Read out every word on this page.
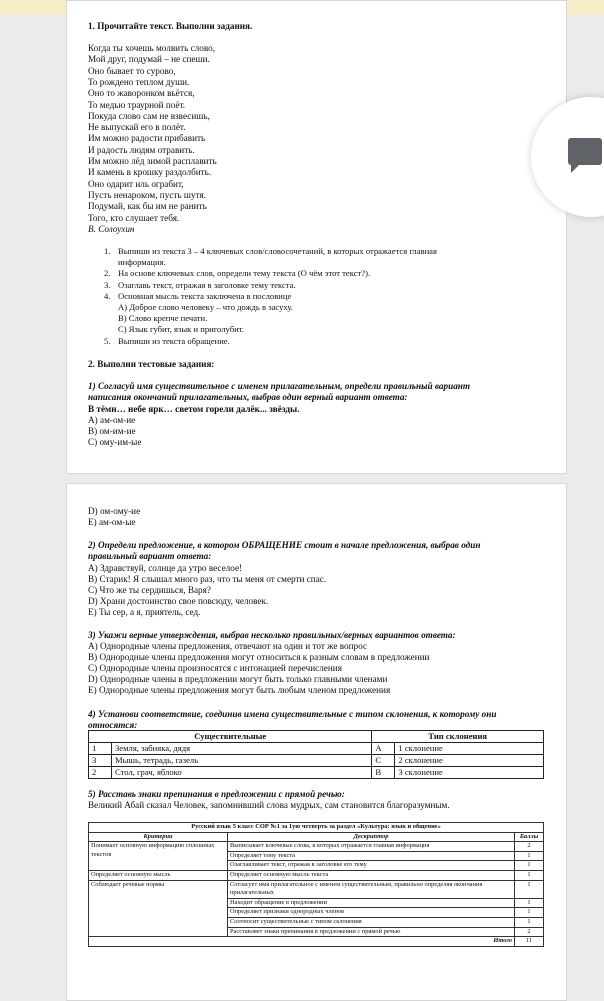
1. Прочитайте текст. Выполни задания.
Когда ты хочешь молвить слово,
Мой друг, подумай – не спеши.
Оно бывает то сурово,
То рождено теплом души.
Оно то жаворонком вьётся,
То медью траурной поёт.
Покуда слово сам не взвесишь,
Не выпускай его в полёт.
Им можно радости прибавить
И радость людям отравить.
Им можно лёд зимой расплавить
И камень в крошку раздолбить.
Оно одарит иль ограбит,
Пусть ненароком, пусть шутя.
Подумай, как бы им не ранить
Того, кто слушает тебя.
В. Солоухин
1. Выпиши из текста 3 – 4 ключевых слов/словосочетаний, в которых отражается главная
информация.
2. На основе ключевых слов, определи тему текста (О чём этот текст?).
3. Озаглавь текст, отражая в заголовке тему текста.
4. Основная мысль текста заключена в пословице
А) Доброе слово человеку – что дождь в засуху.
В) Слово крепче печати.
С) Язык губит, язык и приголубит.
5. Выпиши из текста обращение.
2. Выполни тестовые задания:
1) Согласуй имя существительное с именем прилагательным, определи правильный вариант
написания окончаний прилагательных, выбрав один верный вариант ответа:
В тёмн… небе ярк… светом горели далёк... звёзды.
А) ам-ом-ие
В) ом-им-ие
С) ому-им-ые
D) ом-ому-ие
E) ам-ом-ые
2) Определи предложение, в котором ОБРАЩЕНИЕ стоит в начале предложения, выбрав один
правильный вариант ответа:
А) Здравствуй, солнце да утро веселое!
В) Старик! Я слышал много раз, что ты меня от смерти спас.
С) Что же ты сердишься, Варя?
D) Храни достоинство свое повсюду, человек.
E) Ты сер, а я, приятель, сед.
3) Укажи верные утверждения, выбрав несколько правильных/верных вариантов ответа:
А) Однородные члены предложения, отвечают на один и тот же вопрос
В) Однородные члены предложения могут относиться к разным словам в предложении
С) Однородные члены произносятся с интонацией перечисления
D) Однородные члены в предложении могут быть только главными членами
E) Однородные члены предложения могут быть любым членом предложения
4) Установи соответствие, соединив имена существительные с типом склонения, к которому они
относятся:
Существительные		Тип склонения	
1	Земля, забияка, дядя	А	1 склонение
3	Мышь, тетрадь, газель	С	2 склонение
2	Стол, грач, яблоко	В	3 склонение
5) Расставь знаки препинания в предложении с прямой речью:
Великий Абай сказал Человек, запомнивший слова мудрых, сам становится благоразумным.
Русский язык 5 класс СОР №1 за 1ую четверть за раздел «Культура: язык и общение»		
Критерии	Дескриптор	Баллы
Понимает основную информацию сплошных текстов	Выписывает ключевые слова, в которых отражается главная информация	2
	Определяет тему текста	1
	Озаглавливает текст, отражая в заголовке его тему	1
Определяет основную мысль	Определяет основную мысль текста	1
Соблюдает речевые нормы	Согласует имя прилагательное с именем существительным, правильно определяя окончания прилагательных	1
	Находит обращение в предложении	1
	Определяет признаки однородных членов	1
	Соотносит существительные с типом склонения	1
	Расставляет знаки препинания в предложении с прямой речью	2
Итого		11
